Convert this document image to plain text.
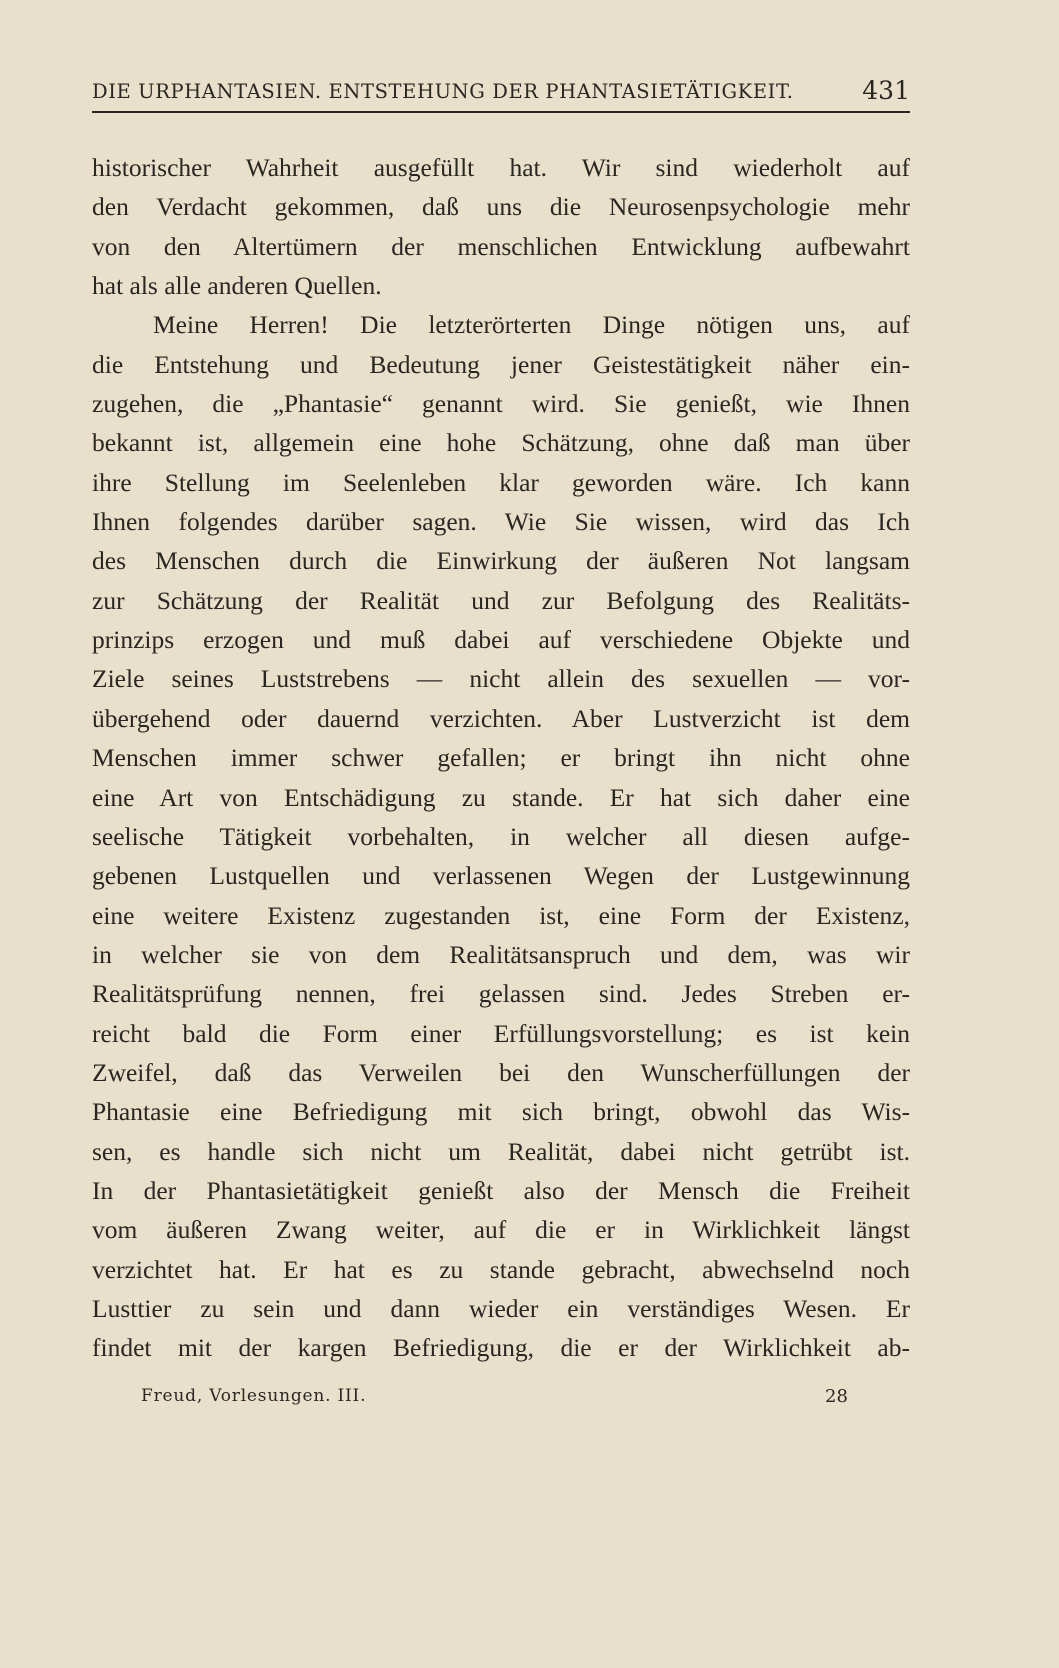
DIE URPHANTASIEN. ENTSTEHUNG DER PHANTASIETÄTIGKEIT.	431
historischer Wahrheit ausgefüllt hat. Wir sind wiederholt auf
den Verdacht gekommen, daß uns die Neurosenpsychologie mehr
von den Altertümern der menschlichen Entwicklung aufbewahrt
hat als alle anderen Quellen.
Meine Herren! Die letzterörterten Dinge nötigen uns, auf
die Entstehung und Bedeutung jener Geistestätigkeit näher ein-
zugehen, die „Phantasie“ genannt wird. Sie genießt, wie Ihnen
bekannt ist, allgemein eine hohe Schätzung, ohne daß man über
ihre Stellung im Seelenleben klar geworden wäre. Ich kann
Ihnen folgendes darüber sagen. Wie Sie wissen, wird das Ich
des Menschen durch die Einwirkung der äußeren Not langsam
zur Schätzung der Realität und zur Befolgung des Realitäts-
prinzips erzogen und muß dabei auf verschiedene Objekte und
Ziele seines Luststrebens — nicht allein des sexuellen — vor-
übergehend oder dauernd verzichten. Aber Lustverzicht ist dem
Menschen immer schwer gefallen; er bringt ihn nicht ohne
eine Art von Entschädigung zu stande. Er hat sich daher eine
seelische Tätigkeit vorbehalten, in welcher all diesen aufge-
gebenen Lustquellen und verlassenen Wegen der Lustgewinnung
eine weitere Existenz zugestanden ist, eine Form der Existenz,
in welcher sie von dem Realitätsanspruch und dem, was wir
Realitätsprüfung nennen, frei gelassen sind. Jedes Streben er-
reicht bald die Form einer Erfüllungsvorstellung; es ist kein
Zweifel, daß das Verweilen bei den Wunscherfüllungen der
Phantasie eine Befriedigung mit sich bringt, obwohl das Wis-
sen, es handle sich nicht um Realität, dabei nicht getrübt ist.
In der Phantasietätigkeit genießt also der Mensch die Freiheit
vom äußeren Zwang weiter, auf die er in Wirklichkeit längst
verzichtet hat. Er hat es zu stande gebracht, abwechselnd noch
Lusttier zu sein und dann wieder ein verständiges Wesen. Er
findet mit der kargen Befriedigung, die er der Wirklichkeit ab-
Freud, Vorlesungen. III.	28
